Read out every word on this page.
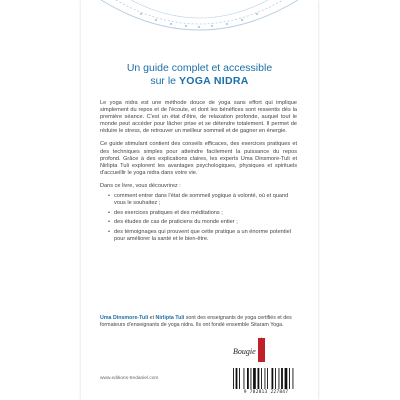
Un guide complet et accessible
sur le YOGA NIDRA

Le yoga nidra est une méthode douce de yoga sans effort qui implique simplement du repos et de l'écoute, et dont les bénéfices sont ressentis dès la première séance. C'est un état d'être, de relaxation profonde, auquel tout le monde peut accéder pour lâcher prise et se détendre totalement. Il permet de réduire le stress, de retrouver un meilleur sommeil et de gagner en énergie.

Ce guide stimulant contient des conseils efficaces, des exercices pratiques et des techniques simples pour atteindre facilement la puissance du repos profond. Grâce à des explications claires, les experts Uma Dinsmore-Tuli et Nirlipta Tuli explorent les avantages psychologiques, physiques et spirituels d'accueillir le yoga nidra dans votre vie.

Dans ce livre, vous découvrirez :

• comment entrer dans l'état de sommeil yogique à volonté, où et quand vous le souhaitez ;
• des exercices pratiques et des méditations ;
• des études de cas de praticiens du monde entier ;
• des témoignages qui prouvent que cette pratique a un énorme potentiel pour améliorer la santé et le bien-être.
Uma Dinsmore-Tuli et Nirlipta Tuli sont des enseignants de yoga certifiés et des formateurs d'enseignants de yoga nidra. Ils ont fondé ensemble Sitaram Yoga.
Bougie Rouge
www.editions-tredaniel.com
9 782813 227847
